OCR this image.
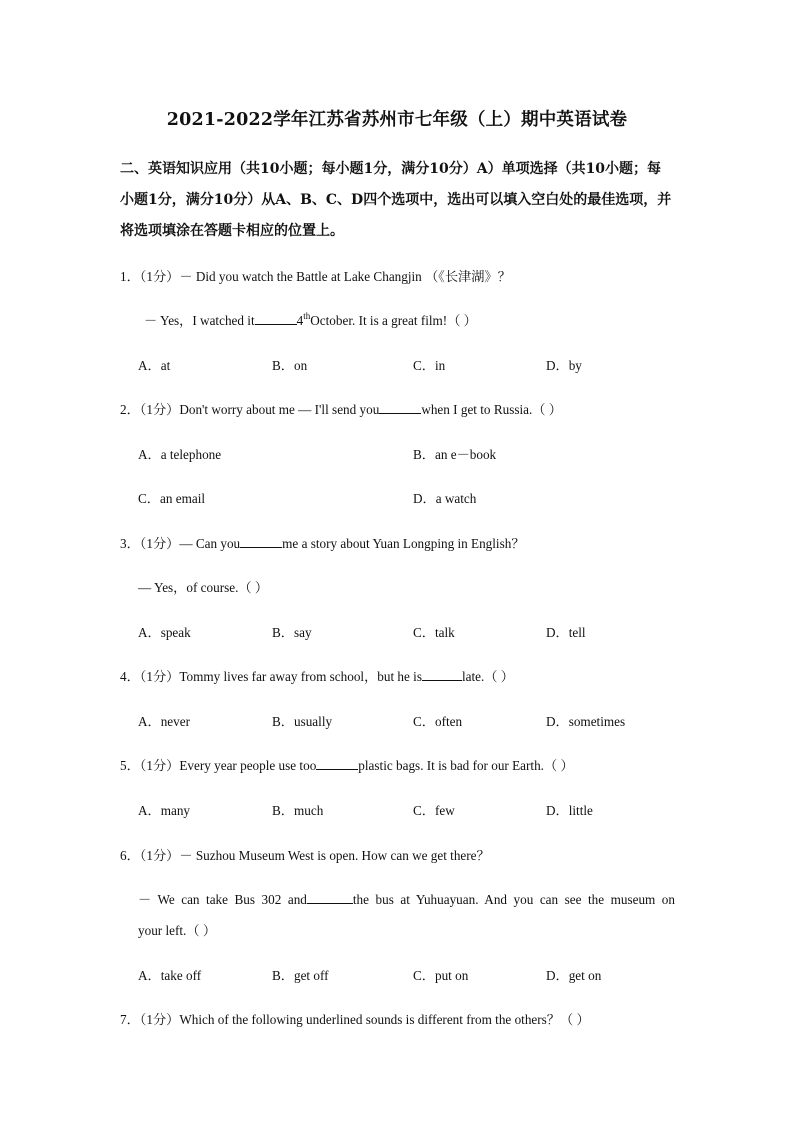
2021-2022学年江苏省苏州市七年级（上）期中英语试卷
二、英语知识应用（共10小题；每小题1分，满分10分）A）单项选择（共10小题；每
小题1分，满分10分）从A、B、C、D四个选项中，选出可以填入空白处的最佳选项，并
将选项填涂在答题卡相应的位置上。
1．（1分）－ Did you watch the Battle at Lake Changjin （《长津湖》？
－ Yes，I watched it	4thOctober. It is a great film!（ ）
A．at	B．on	C．in	D．by
2．（1分）Don't worry about me — I'll send you	when I get to Russia.（ ）
A．a telephone	B．an e－book
C．an email	D．a watch
3．（1分）— Can you	me a story about Yuan Longping in English？
— Yes，of course.（ ）
A．speak	B．say	C．talk	D．tell
4．（1分）Tommy lives far away from school，but he is	late.（ ）
A．never	B．usually	C．often	D．sometimes
5．（1分）Every year people use too	plastic bags. It is bad for our Earth.（ ）
A．many	B．much	C．few	D．little
6．（1分）－ Suzhou Museum West is open. How can we get there？
－ We can take Bus 302 and	the bus at Yuhuayuan. And you can see the museum on
your left.（ ）
A．take off	B．get off	C．put on	D．get on
7．（1分）Which of the following underlined sounds is different from the others？（ ）
